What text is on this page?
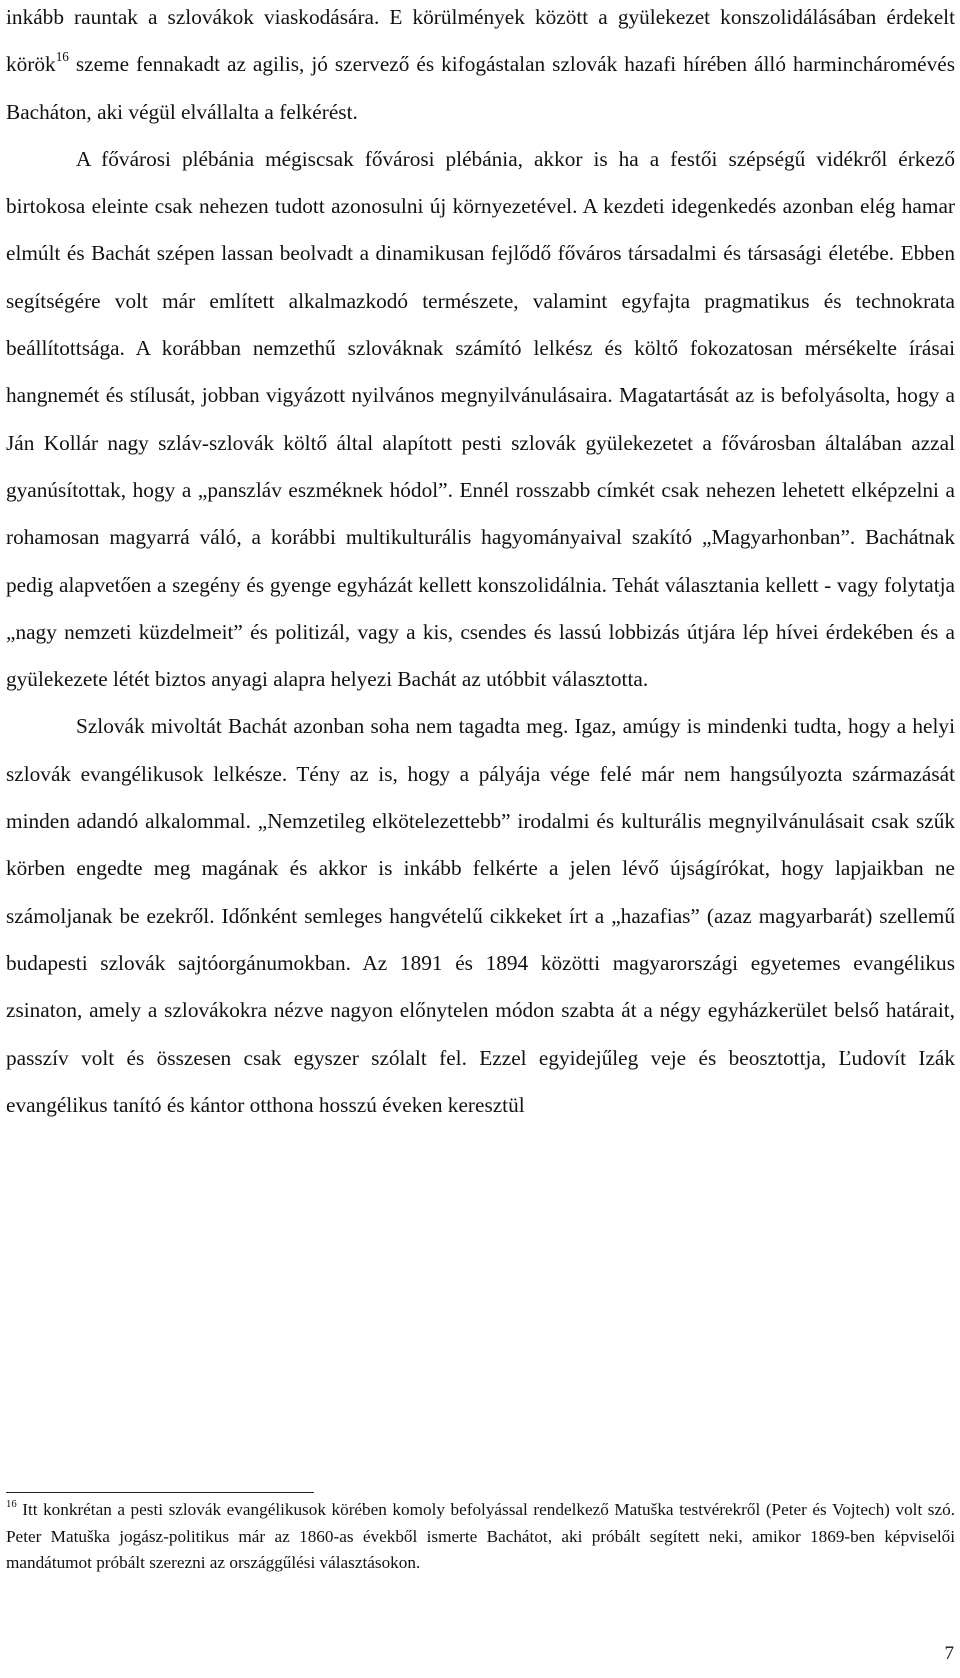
inkább rauntak a szlovákok viaskodására. E körülmények között a gyülekezet konszolidálásában érdekelt körök$^{16}$ szeme fennakadt az agilis, jó szervező és kifogástalan szlovák hazafi hírében álló harmincháromévés Bacháton, aki végül elvállalta a felkérést.

A fővárosi plébánia mégiscsak fővárosi plébánia, akkor is ha a festői szépségű vidékről érkező birtokosa eleinte csak nehezen tudott azonosulni új környezetével. A kezdeti idegenkedés azonban elég hamar elmúlt és Bachát szépen lassan beolvadt a dinamikusan fejlődő főváros társadalmi és társasági életébe. Ebben segítségére volt már említett alkalmazkodó természete, valamint egyfajta pragmatikus és technokrata beállítottsága. A korábban nemzethű szlováknak számító lelkész és költő fokozatosan mérsékelte írásai hangnemét és stílusát, jobban vigyázott nyilvános megnyilvánulásaira. Magatartását az is befolyásolta, hogy a Ján Kollár nagy szláv-szlovák költő által alapított pesti szlovák gyülekezetet a fővárosban általában azzal gyanúsítottak, hogy a „panszláv eszméknek hódol”. Ennél rosszabb címkét csak nehezen lehetett elképzelni a rohamosan magyarrá váló, a korábbi multikulturális hagyományaival szakító „Magyarhonban”. Bachátnak pedig alapvetően a szegény és gyenge egyházát kellett konszolidálnia. Tehát választania kellett - vagy folytatja „nagy nemzeti küzdelmeit” és politizál, vagy a kis, csendes és lassú lobbizás útjára lép hívei érdekében és a gyülekezete létét biztos anyagi alapra helyezi Bachát az utóbbit választotta.

Szlovák mivoltát Bachát azonban soha nem tagadta meg. Igaz, amúgy is mindenki tudta, hogy a helyi szlovák evangélikusok lelkésze. Tény az is, hogy a pályája vége felé már nem hangsúlyozta származását minden adandó alkalommal. „Nemzetileg elkötelezettebb” irodalmi és kulturális megnyilvánulásait csak szűk körben engedte meg magának és akkor is inkább felkérte a jelen lévő újságírókat, hogy lapjaikban ne számoljanak be ezekről. Időnként semleges hangvételű cikkeket írt a „hazafias” (azaz magyarbarát) szellemű budapesti szlovák sajtóorgánumokban. Az 1891 és 1894 közötti magyarországi egyetemes evangélikus zsinaton, amely a szlovákokra nézve nagyon előnytelen módon szabta át a négy egyházkerület belső határait, passzív volt és összesen csak egyszer szólalt fel. Ezzel egyidejűleg veje és beosztottja, Ľudovít Izák evangélikus tanító és kántor otthona hosszú éveken keresztül

$^{16}$ Itt konkrétan a pesti szlovák evangélikusok körében komoly befolyással rendelkező Matuška testvérekről (Peter és Vojtech) volt szó. Peter Matuška jogász-politikus már az 1860-as évekből ismerte Bachátot, aki próbált segített neki, amikor 1869-ben képviselői mandátumot próbált szerezni az országgűlési választásokon.

7
